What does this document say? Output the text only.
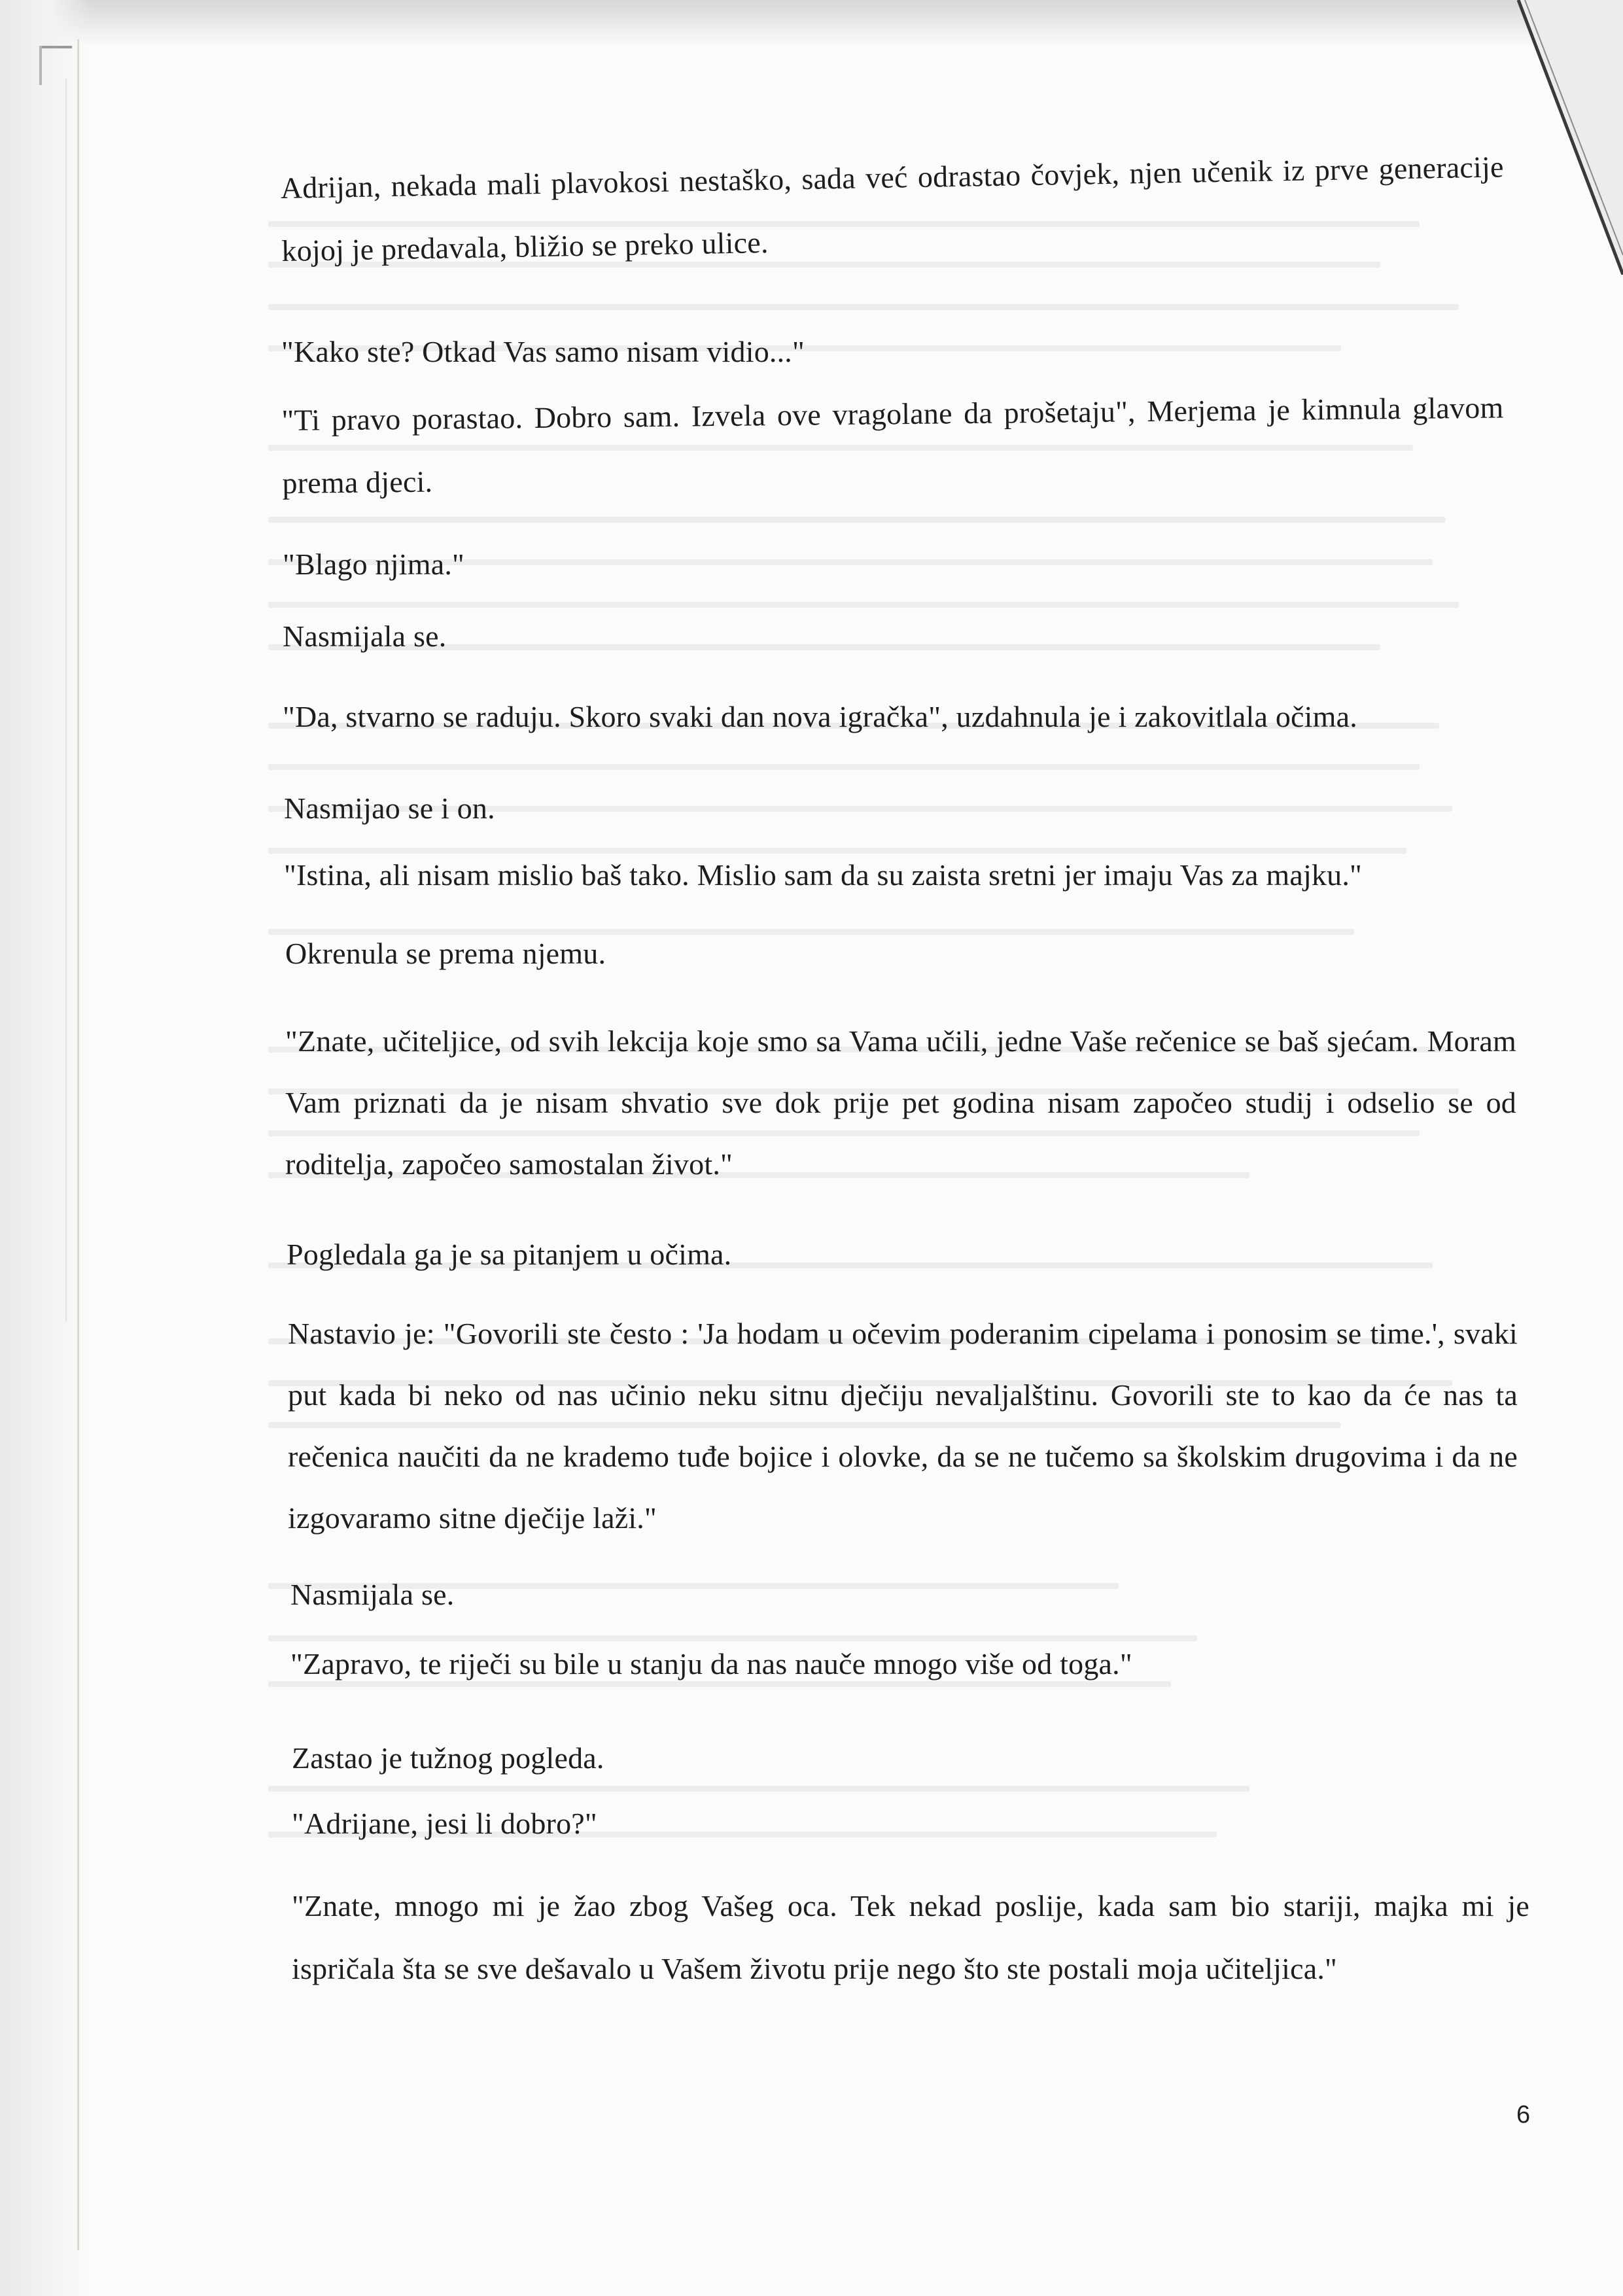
Adrijan, nekada mali plavokosi nestaško, sada već odrastao čovjek, njen učenik iz prve generacije kojoj je predavala, bližio se preko ulice.

"Kako ste? Otkad Vas samo nisam vidio..."

"Ti pravo porastao. Dobro sam. Izvela ove vragolane da prošetaju", Merjema je kimnula glavom prema djeci.

"Blago njima."

Nasmijala se.

"Da, stvarno se raduju. Skoro svaki dan nova igračka", uzdahnula je i zakovitlala očima.

Nasmijao se i on.

"Istina, ali nisam mislio baš tako. Mislio sam da su zaista sretni jer imaju Vas za majku."

Okrenula se prema njemu.

"Znate, učiteljice, od svih lekcija koje smo sa Vama učili, jedne Vaše rečenice se baš sjećam. Moram Vam priznati da je nisam shvatio sve dok prije pet godina nisam započeo studij i odselio se od roditelja, započeo samostalan život."

Pogledala ga je sa pitanjem u očima.

Nastavio je: "Govorili ste često : 'Ja hodam u očevim poderanim cipelama i ponosim se time.', svaki put kada bi neko od nas učinio neku sitnu dječiju nevaljalštinu. Govorili ste to kao da će nas ta rečenica naučiti da ne krademo tuđe bojice i olovke, da se ne tučemo sa školskim drugovima i da ne izgovaramo sitne dječije laži."

Nasmijala se.

"Zapravo, te riječi su bile u stanju da nas nauče mnogo više od toga."

Zastao je tužnog pogleda.

"Adrijane, jesi li dobro?"

"Znate, mnogo mi je žao zbog Vašeg oca. Tek nekad poslije, kada sam bio stariji, majka mi je ispričala šta se sve dešavalo u Vašem životu prije nego što ste postali moja učiteljica."

6
